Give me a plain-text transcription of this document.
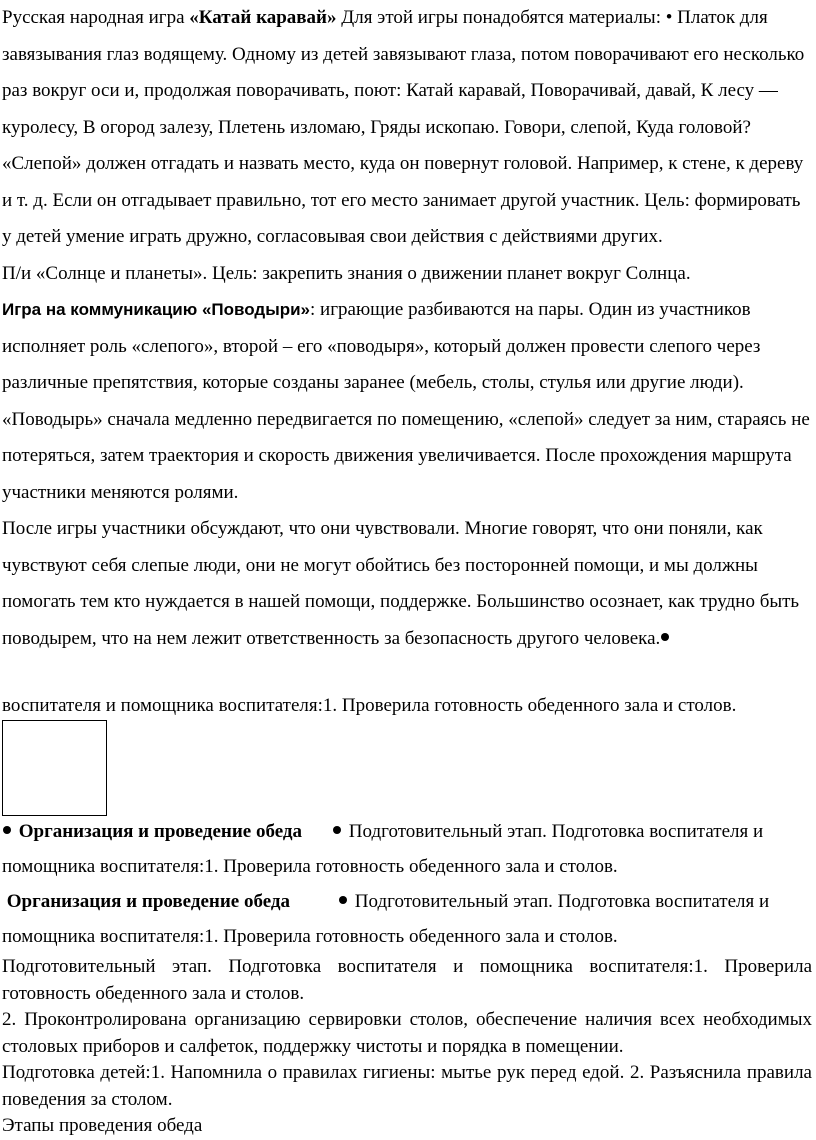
Русская народная игра «Катай каравай» Для этой игры понадобятся материалы: • Платок для завязывания глаз водящему. Одному из детей завязывают глаза, потом поворачивают его несколько раз вокруг оси и, продолжая поворачивать, поют: Катай каравай, Поворачивай, давай, К лесу — куролесу, В огород залезу, Плетень изломаю, Гряды ископаю. Говори, слепой, Куда головой? «Слепой» должен отгадать и назвать место, куда он повернут головой. Например, к стене, к дереву и т. д. Если он отгадывает правильно, тот его место занимает другой участник. Цель: формировать у детей умение играть дружно, согласовывая свои действия с действиями других.

П/и «Солнце и планеты». Цель: закрепить знания о движении планет вокруг Солнца.

Игра на коммуникацию «Поводыри»: играющие разбиваются на пары. Один из участников исполняет роль «слепого», второй – его «поводыря», который должен провести слепого через различные препятствия, которые созданы заранее (мебель, столы, стулья или другие люди). «Поводырь» сначала медленно передвигается по помещению, «слепой» следует за ним, стараясь не потеряться, затем траектория и скорость движения увеличивается. После прохождения маршрута участники меняются ролями.

После игры участники обсуждают, что они чувствовали. Многие говорят, что они поняли, как чувствуют себя слепые люди, они не могут обойтись без посторонней помощи, и мы должны помогать тем кто нуждается в нашей помощи, поддержке. Большинство осознает, как трудно быть поводырем, что на нем лежит ответственность за безопасность другого человека.

воспитателя и помощника воспитателя:1. Проверила готовность обеденного зала и столов.

Организация и проведение обеда Подготовительный этап. Подготовка воспитателя и помощника воспитателя:1. Проверила готовность обеденного зала и столов.

Организация и проведение обеда	Подготовительный этап. Подготовка воспитателя и помощника воспитателя:1. Проверила готовность обеденного зала и столов.

Подготовительный этап. Подготовка воспитателя и помощника воспитателя:1. Проверила готовность обеденного зала и столов.

2. Проконтролирована организацию сервировки столов, обеспечение наличия всех необходимых столовых приборов и салфеток, поддержку чистоты и порядка в помещении.

Подготовка детей:1. Напомнила о правилах гигиены: мытье рук перед едой. 2. Разъяснила правила поведения за столом.

Этапы проведения обеда
